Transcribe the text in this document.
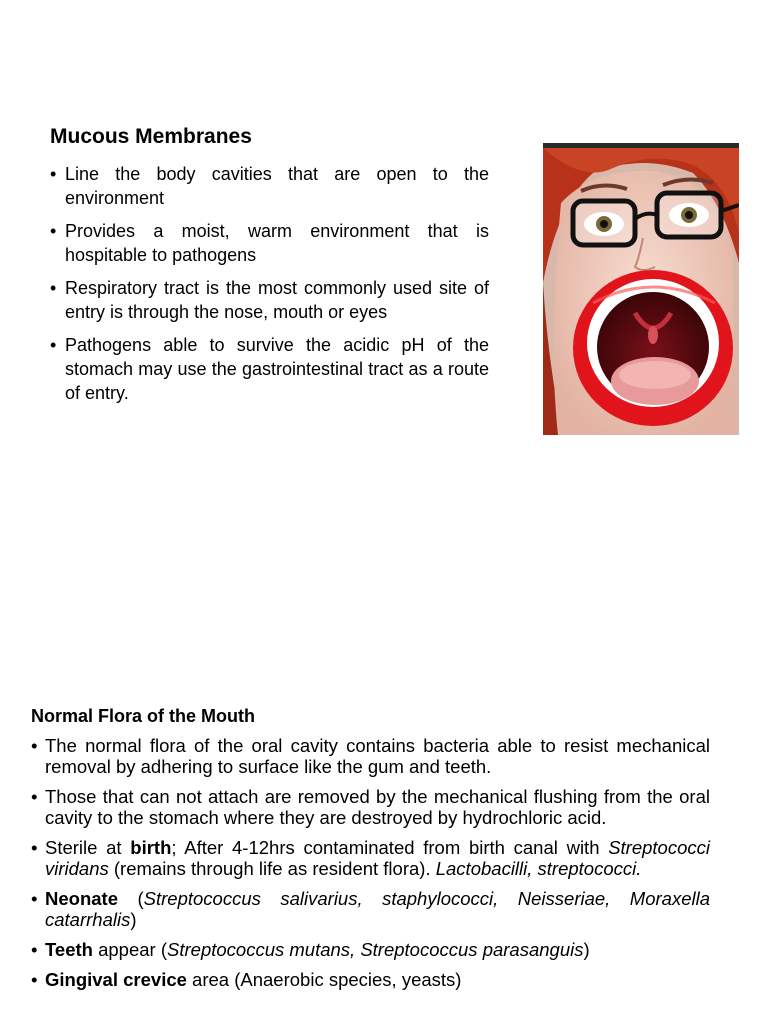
Mucous Membranes
• Line the body cavities that are open to the environment
• Provides a moist, warm environment that is hospitable to pathogens
• Respiratory tract is the most commonly used site of entry is through the nose, mouth or eyes
• Pathogens able to survive the acidic pH of the stomach may use the gastrointestinal tract as a route of entry.
Normal Flora of the Mouth
• The normal flora of the oral cavity contains bacteria able to resist mechanical removal by adhering to surface like the gum and teeth.
• Those that can not attach are removed by the mechanical flushing from the oral cavity to the stomach where they are destroyed by hydrochloric acid.
• Sterile at birth; After 4-12hrs contaminated from birth canal with Streptococci viridans (remains through life as resident flora). Lactobacilli, streptococci.
• Neonate (Streptococcus salivarius, staphylococci, Neisseriae, Moraxella catarrhalis)
• Teeth appear (Streptococcus mutans, Streptococcus parasanguis)
• Gingival crevice area (Anaerobic species, yeasts)
